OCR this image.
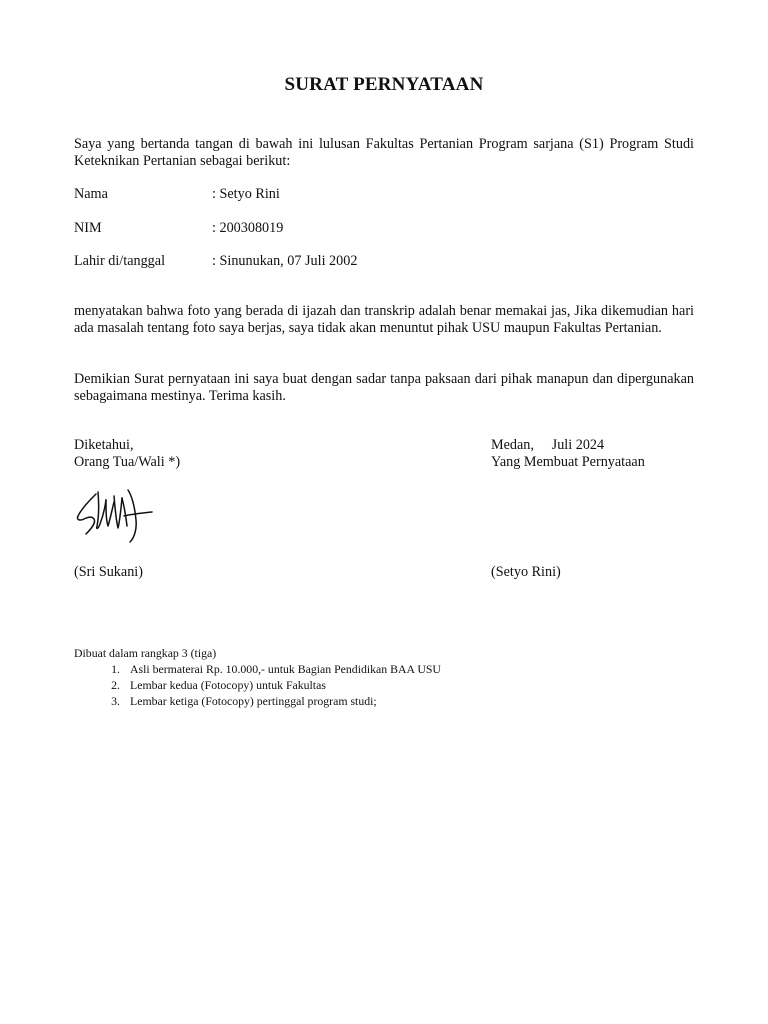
SURAT PERNYATAAN
Saya yang bertanda tangan di bawah ini lulusan Fakultas Pertanian Program sarjana (S1) Program Studi Keteknikan Pertanian sebagai berikut:
Nama	: Setyo Rini
NIM	: 200308019
Lahir di/tanggal	: Sinunukan, 07 Juli 2002
menyatakan bahwa foto yang berada di ijazah dan transkrip adalah benar memakai jas, Jika dikemudian hari ada masalah tentang foto saya berjas, saya tidak akan menuntut pihak USU maupun Fakultas Pertanian.
Demikian Surat pernyataan ini saya buat dengan sadar tanpa paksaan dari pihak manapun dan dipergunakan sebagaimana mestinya. Terima kasih.
Diketahui,
Orang Tua/Wali *)
Medan,     Juli 2024
Yang Membuat Pernyataan
(Sri Sukani)	(Setyo Rini)
Dibuat dalam rangkap 3 (tiga)
1. Asli bermaterai Rp. 10.000,- untuk Bagian Pendidikan BAA USU
2. Lembar kedua (Fotocopy) untuk Fakultas
3. Lembar ketiga (Fotocopy) pertinggal program studi;
